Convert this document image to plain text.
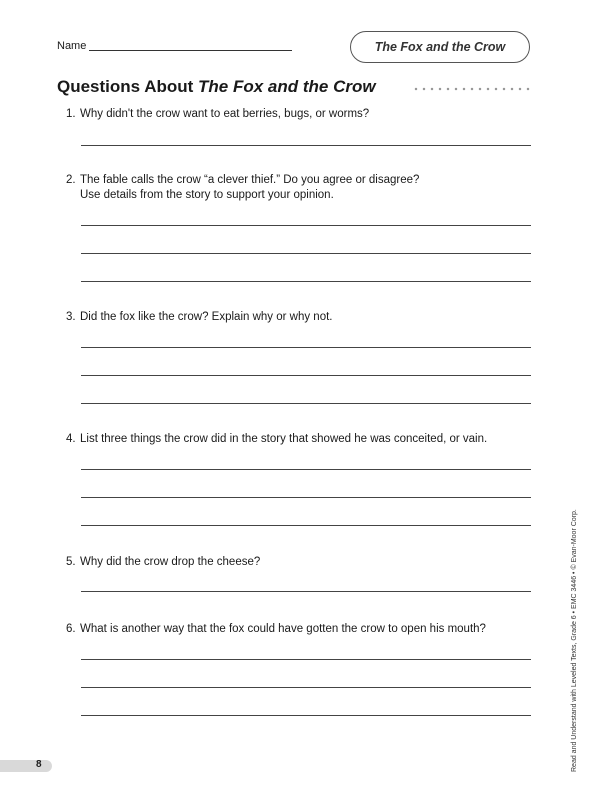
Name	The Fox and the Crow
Questions About The Fox and the Crow
1. Why didn't the crow want to eat berries, bugs, or worms?
2. The fable calls the crow “a clever thief.” Do you agree or disagree?
Use details from the story to support your opinion.
3. Did the fox like the crow? Explain why or why not.
4. List three things the crow did in the story that showed he was conceited, or vain.
5. Why did the crow drop the cheese?
6. What is another way that the fox could have gotten the crow to open his mouth?
8	Read and Understand with Leveled Texts, Grade 6 • EMC 3446 • © Evan-Moor Corp.
